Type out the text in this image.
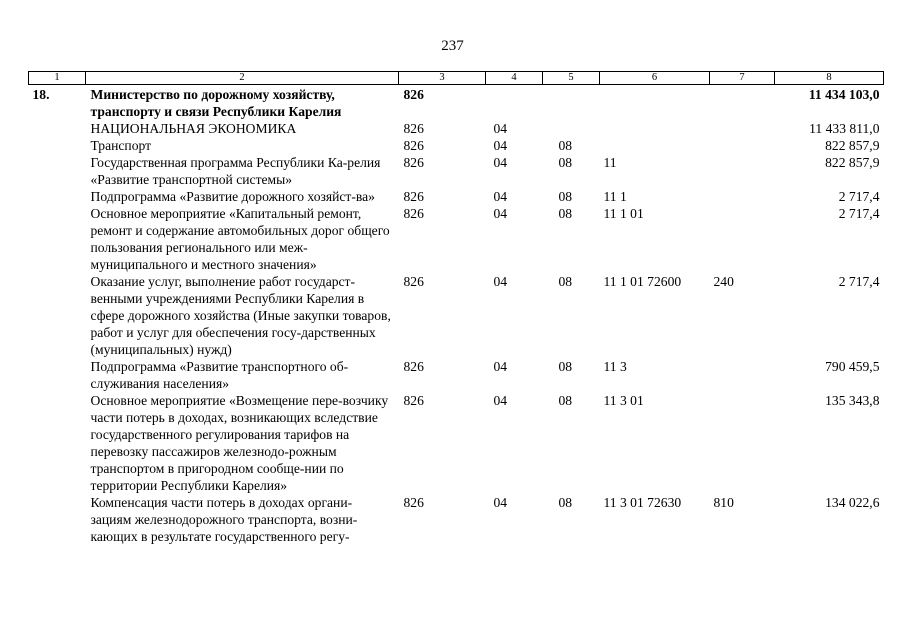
237
1	2	3	4	5	6	7	8
18.	Министерство по дорожному хозяйству, транспорту и связи Республики Карелия	826					11 434 103,0
	НАЦИОНАЛЬНАЯ ЭКОНОМИКА	826	04				11 433 811,0
	Транспорт	826	04	08			822 857,9
	Государственная программа Республики Ка-релия «Развитие транспортной системы»	826	04	08	11		822 857,9
	Подпрограмма «Развитие дорожного хозяйст-ва»	826	04	08	11 1		2 717,4
	Основное мероприятие «Капитальный ремонт, ремонт и содержание автомобильных дорог общего пользования регионального или меж-муниципального и местного значения»	826	04	08	11 1 01		2 717,4
	Оказание услуг, выполнение работ государст-венными учреждениями Республики Карелия в сфере дорожного хозяйства (Иные закупки товаров, работ и услуг для обеспечения госу-дарственных (муниципальных) нужд)	826	04	08	11 1 01 72600	240	2 717,4
	Подпрограмма «Развитие транспортного об-служивания населения»	826	04	08	11 3		790 459,5
	Основное мероприятие «Возмещение пере-возчику части потерь в доходах, возникающих вследствие государственного регулирования тарифов на перевозку пассажиров железнодо-рожным транспортом в пригородном сообще-нии по территории Республики Карелия»	826	04	08	11 3 01		135 343,8
	Компенсация части потерь в доходах органи-зациям железнодорожного транспорта, возни-кающих в результате государственного регу-	826	04	08	11 3 01 72630	810	134 022,6
